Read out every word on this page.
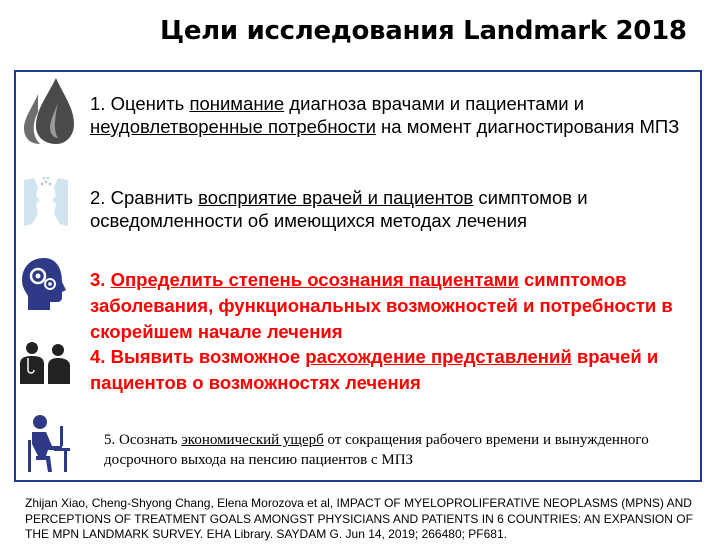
Цели исследования Landmark 2018
1. Оценить понимание диагноза врачами и пациентами и неудовлетворенные потребности на момент диагностирования МПЗ
2. Сравнить восприятие врачей и пациентов симптомов и осведомленности об имеющихся методах лечения
3. Определить степень осознания пациентами симптомов заболевания, функциональных возможностей и потребности в скорейшем начале лечения
4. Выявить возможное расхождение представлений врачей и пациентов о возможностях лечения
5. Осознать экономический ущерб от сокращения рабочего времени и вынужденного досрочного выхода на пенсию пациентов с МПЗ
Zhijan Xiao, Cheng-Shyong Chang, Elena Morozova et al, IMPACT OF MYELOPROLIFERATIVE NEOPLASMS (MPNS) AND PERCEPTIONS OF TREATMENT GOALS AMONGST PHYSICIANS AND PATIENTS IN 6 COUNTRIES: AN EXPANSION OF THE MPN LANDMARK SURVEY. EHA Library. SAYDAM G. Jun 14, 2019; 266480; PF681.
